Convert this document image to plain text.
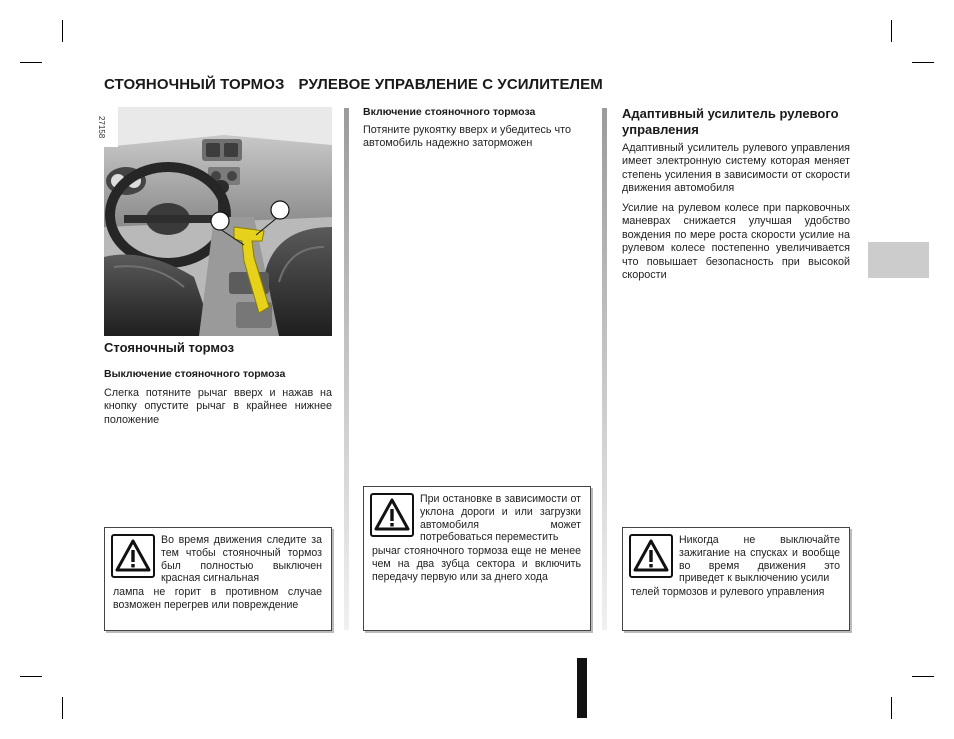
СТОЯНОЧНЫЙ ТОРМОЗ РУЛЕВОЕ УПРАВЛЕНИЕ С УСИЛИТЕЛЕМ
27158
Стояночный тормоз
Выключение стояночного тормоза
Слегка потяните рычаг вверх и нажав на кнопку опустите рычаг в крайнее нижнее положение
Во время движения следите за тем чтобы стояночный тормоз был полностью выключен красная сигнальная
лампа не горит в противном случае возможен перегрев или повреждение
Включение стояночного тормоза
Потяните рукоятку вверх и убедитесь что автомобиль надежно заторможен
При остановке в зависимости от уклона дороги и или загрузки автомобиля может потребоваться переместить
рычаг стояночного тормоза еще не менее чем на два зубца сектора и включить передачу первую или за днего хода
Адаптивный усилитель рулевого управления
Адаптивный усилитель рулевого управления имеет электронную систему которая меняет степень усиления в зависимости от скорости движения автомобиля
Усилие на рулевом колесе при парковочных маневрах снижается улучшая удобство вождения по мере роста скорости усилие на рулевом колесе постепенно увеличивается что повышает безопасность при высокой скорости
Никогда не выключайте зажигание на спусках и вообще во время движения это приведет к выключению усили
телей тормозов и рулевого управления
